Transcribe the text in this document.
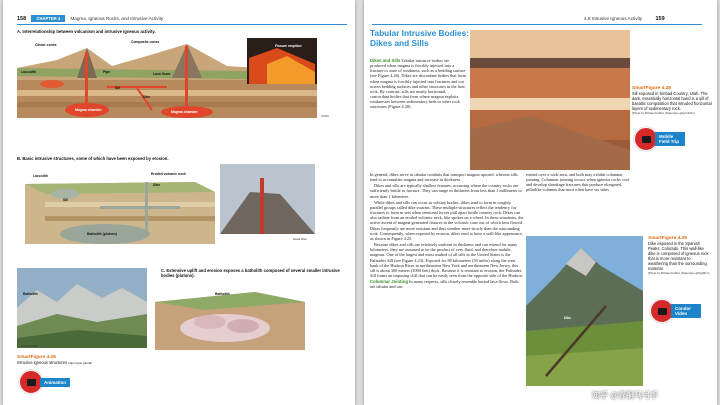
158 CHAPTER 4 Magma, Igneous Rocks, and Intrusive Activity
A. Interrelationship between volcanism and intrusive igneous activity.
Cinder cones
Composite cones
Laccolith	Pipe	Lava flows
Dike
Sill
Magma chamber	Magma chamber
Fissure eruption
USGS
B. Basic intrusive structures, some of which have been exposed by erosion.
Laccolith
Sill
Dike
Eroded volcanic neck
Batholith (plutons)
David Allen
Batholith
Kevin Schafer
C. Extensive uplift and erosion exposes a batholith composed of several smaller intrusive bodies (plutons).
Batholith
SmartFigure 4.26
Intrusive igneous structures https://goo.gl/m4b
Animation
4.8 Intrusive Igneous Activity 159
Tabular Intrusive Bodies: Dikes and Sills

Dikes and Sills Tabular intrusive bodies are produced when magma is forcibly injected into a fracture or zone of weakness, such as a bedding surface (see Figure 4.26). Dikes are discordant bodies that form when magma is forcibly injected into fractures and cut across bedding surfaces and other structures in the host rock. By contrast, sills are nearly horizontal, concordant bodies that form where magma exploits weaknesses between sedimentary beds or other rock structures (Figure 4.28).

In general, dikes serve as tabular conduits that transport magma upward, whereas sills tend to accumulate magma and increase in thickness.

Dikes and sills are typically shallow features, occurring where the country rocks are sufficiently brittle to fracture. They can range in thickness from less than 1 millimeter to more than 1 kilometer.

While dikes and sills can occur as solitary bodies, dikes tend to form in roughly parallel groups called dike swarms. These multiple structures reflect the tendency for fractures to form in sets when tensional forces pull apart brittle country rock. Dikes can also radiate from an eroded volcanic neck, like spokes on a wheel. In these situations, the active ascent of magma generated fissures in the volcanic cone out of which lava flowed. Dikes frequently are more resistant and thus weather more slowly than the surrounding rock. Consequently, when exposed by erosion, dikes tend to have a wall-like appearance, as shown in Figure 4.25.

Because dikes and sills are relatively uniform in thickness and can extend for many kilometers, they are assumed to be the product of very fluid, and therefore mobile, magmas. One of the largest and most studied of all sills in the United States is the Palisades Sill (see Figure 4.23). Exposed for 80 kilometers (50 miles) along the west bank of the Hudson River in northeastern New York and northeastern New Jersey, this sill is about 300 meters (1000 feet) thick. Because it is resistant to erosion, the Palisades Sill forms an imposing cliff that can be easily seen from the opposite side of the Hudson.

Columnar Jointing In many respects, sills closely resemble buried lava flows. Both are tabular and can

SmartFigure 4.28
Sill exposed in Sinbad Country, Utah. The dark, essentially horizontal band is a sill of basaltic composition that intruded horizontal layers of sedimentary rock.
(Photo by Michael Collier) (https://goo.gl/gxmD3m)
Mobile Field Trip

extend over a wide area, and both may exhibit columnar jointing. Columnar jointing occurs when igneous rocks cool and develop shrinkage fractures that produce elongated, pillarlike columns that most often have six sides

Dike
SmartFigure 4.25
Dike exposed in the Spanish Peaks, Colorado. This wall-like dike is composed of igneous rock that is more resistant to weathering than the surrounding material.
(Photo by Michael Collier) (https://goo.gl/Quj9Fm)
Condor Video
知乎 @青铜马弓手
